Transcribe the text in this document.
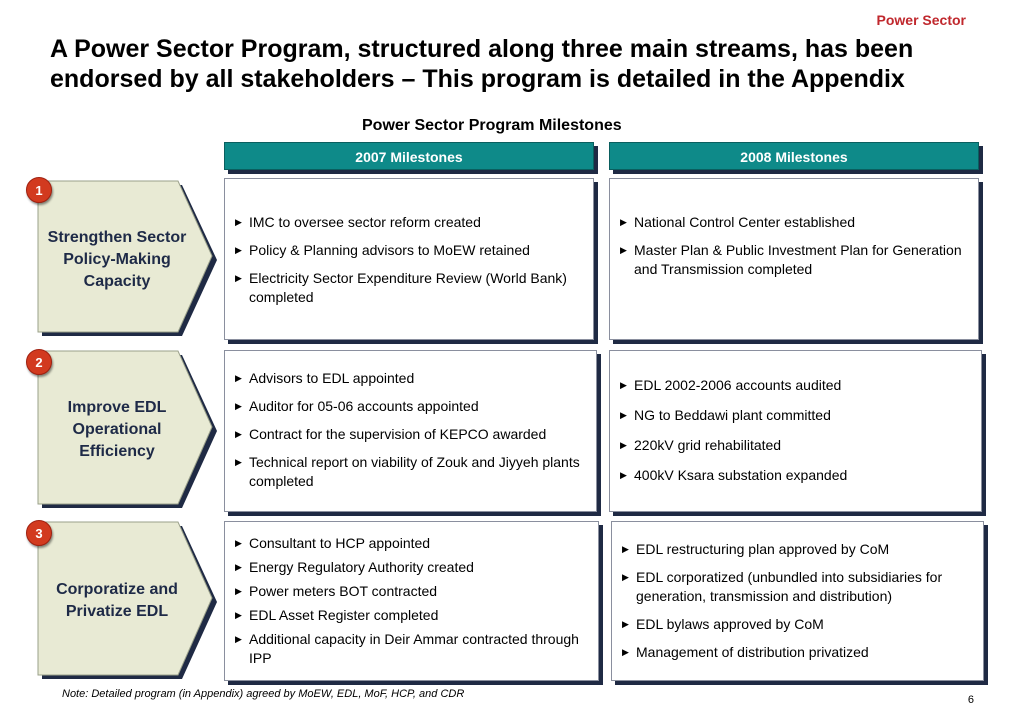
Power Sector
A Power Sector Program, structured along three main streams, has been endorsed by all stakeholders – This program is detailed in the Appendix
Power Sector Program Milestones
2007 Milestones	2008 Milestones
Strengthen Sector Policy-Making Capacity
1
▶ IMC to oversee sector reform created
▶ Policy & Planning advisors to MoEW retained
▶ Electricity Sector Expenditure Review (World Bank) completed
▶ National Control Center established
▶ Master Plan & Public Investment Plan for Generation and Transmission completed
Improve EDL Operational Efficiency
2
▶ Advisors to EDL appointed
▶ Auditor for 05-06 accounts appointed
▶ Contract for the supervision of KEPCO awarded
▶ Technical report on viability of Zouk and Jiyyeh plants completed
▶ EDL 2002-2006 accounts audited
▶ NG to Beddawi plant committed
▶ 220kV grid rehabilitated
▶ 400kV Ksara substation expanded
Corporatize and Privatize EDL
3
▶ Consultant to HCP appointed
▶ Energy Regulatory Authority created
▶ Power meters BOT contracted
▶ EDL Asset Register completed
▶ Additional capacity in Deir Ammar contracted through IPP
▶ EDL restructuring plan approved by CoM
▶ EDL corporatized (unbundled into subsidiaries for generation, transmission and distribution)
▶ EDL bylaws approved by CoM
▶ Management of distribution privatized
Note: Detailed program (in Appendix) agreed by MoEW, EDL, MoF, HCP, and CDR	6
